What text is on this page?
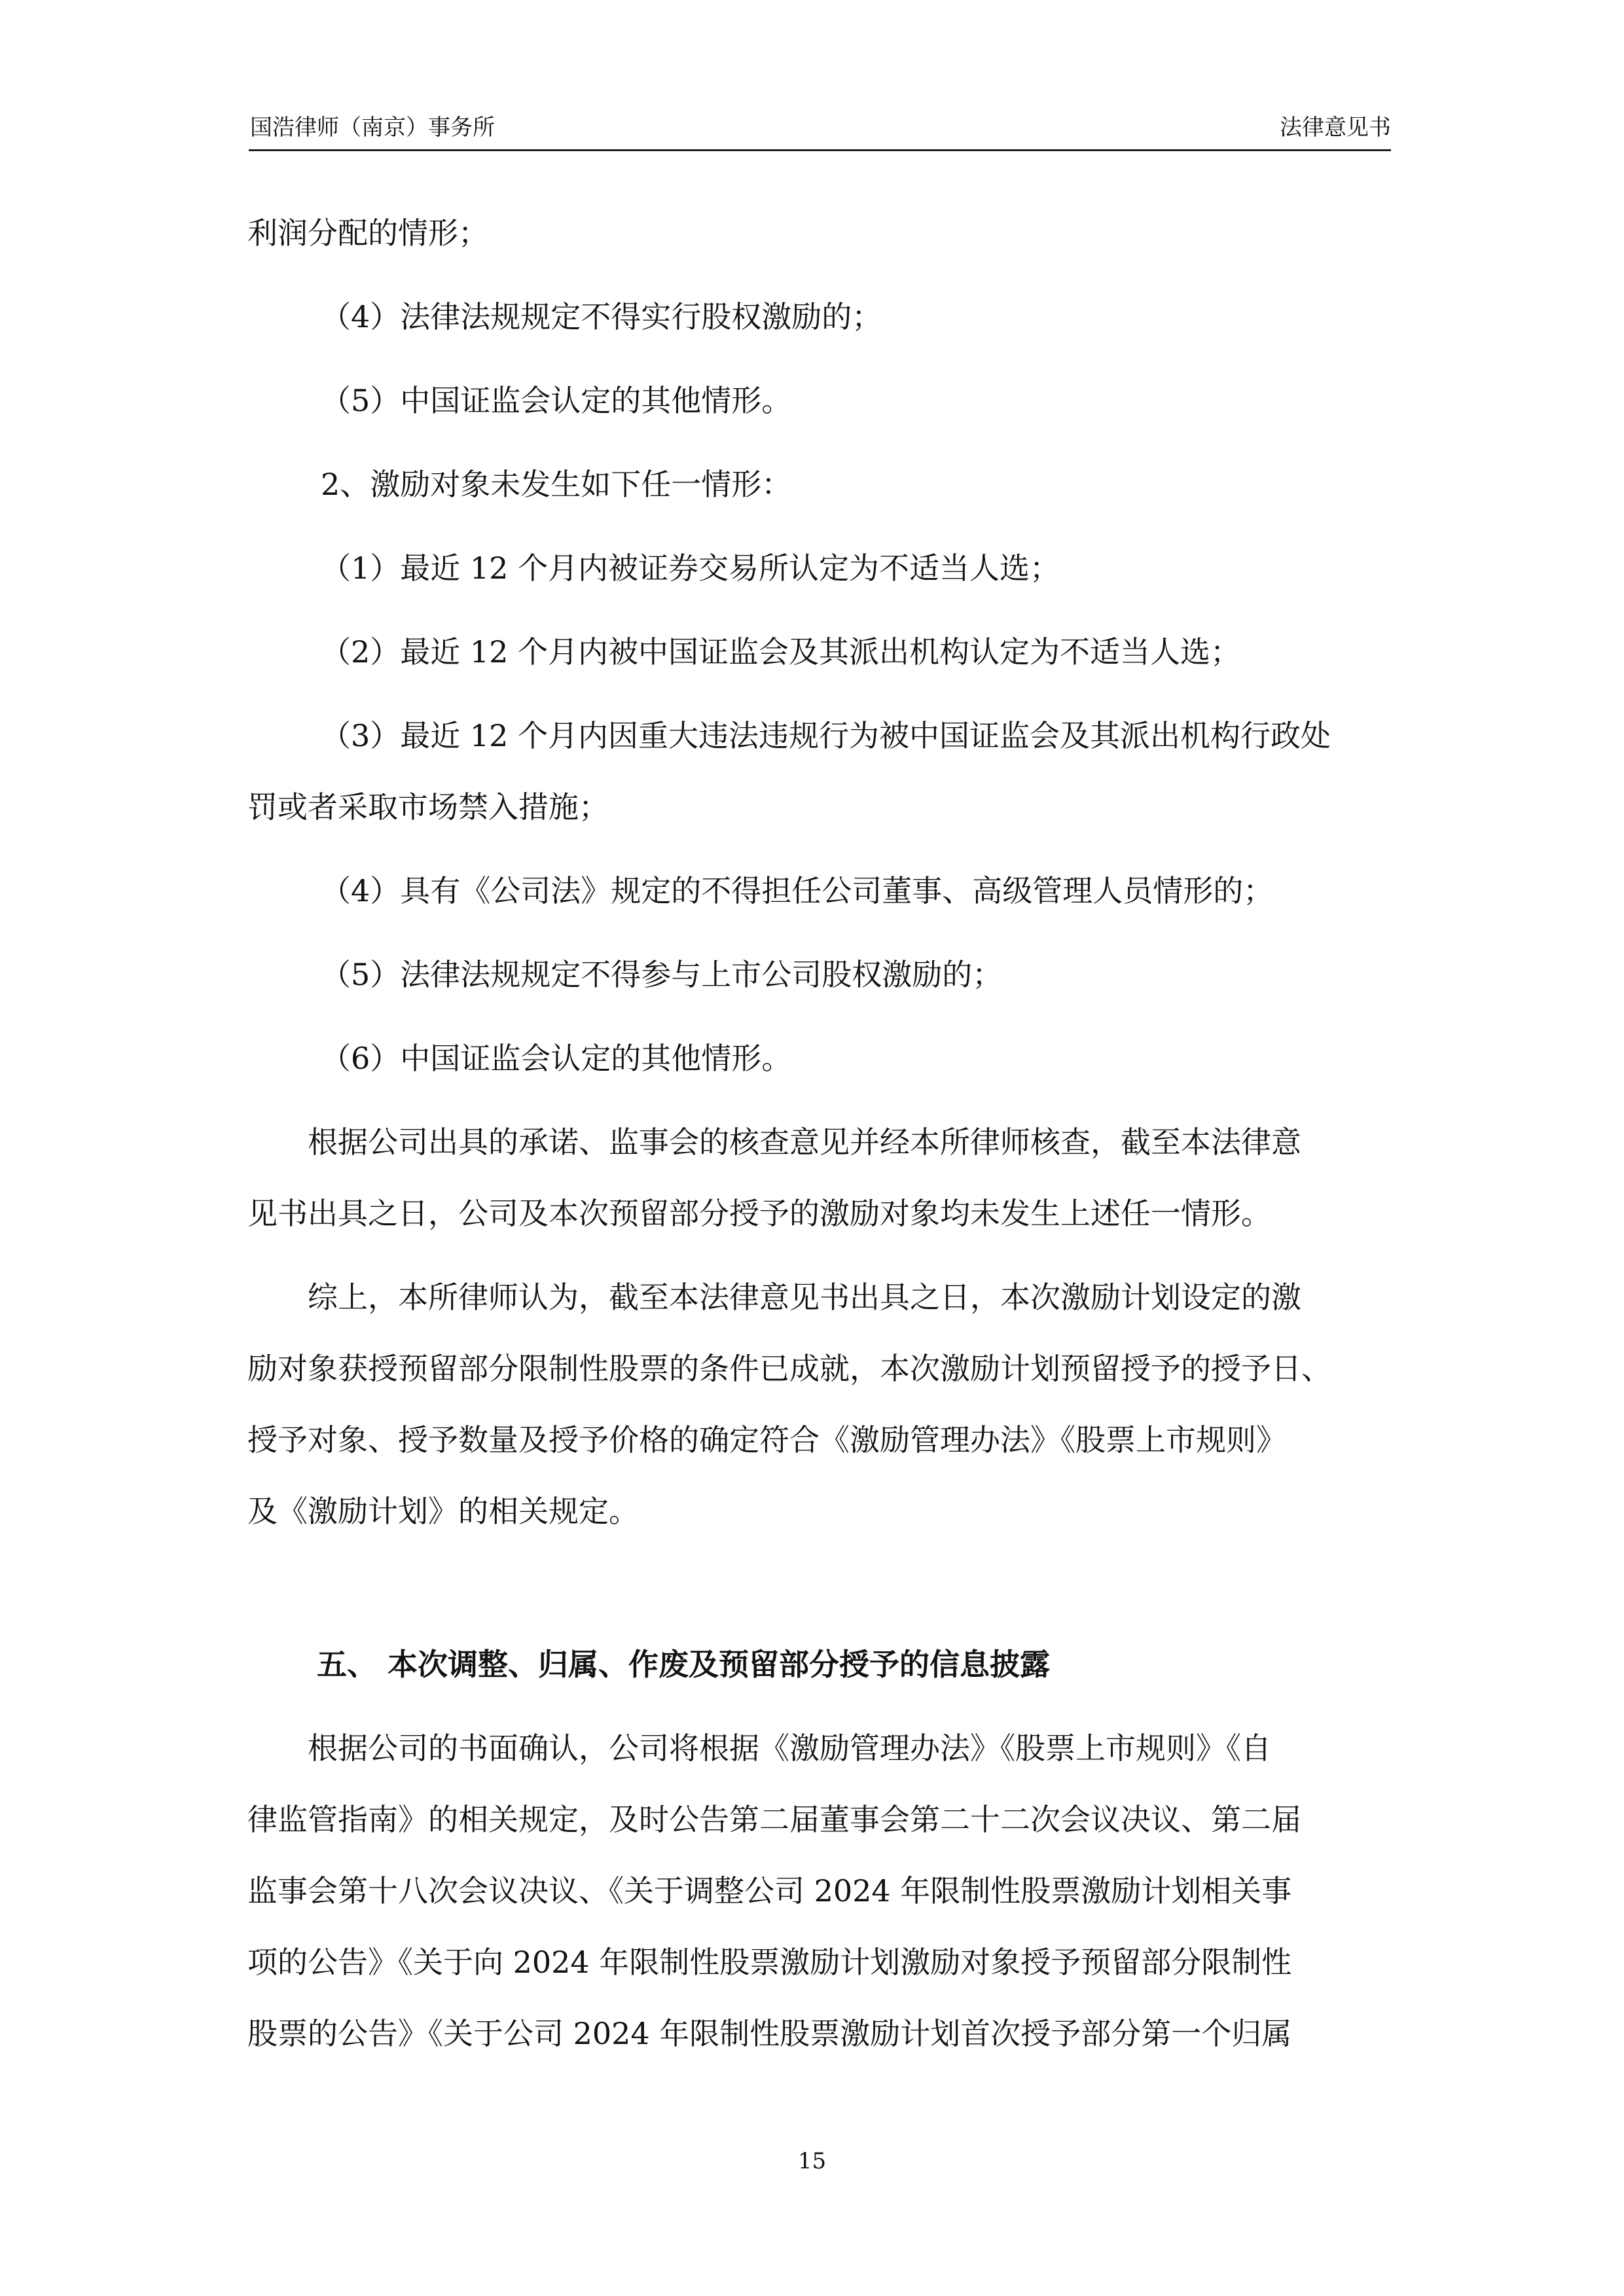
国浩律师（南京）事务所	法律意见书
利润分配的情形；
（4）法律法规规定不得实行股权激励的；
（5）中国证监会认定的其他情形。
2、激励对象未发生如下任一情形：
（1）最近 12 个月内被证券交易所认定为不适当人选；
（2）最近 12 个月内被中国证监会及其派出机构认定为不适当人选；
（3）最近 12 个月内因重大违法违规行为被中国证监会及其派出机构行政处
罚或者采取市场禁入措施；
（4）具有《公司法》规定的不得担任公司董事、高级管理人员情形的；
（5）法律法规规定不得参与上市公司股权激励的；
（6）中国证监会认定的其他情形。
根据公司出具的承诺、监事会的核查意见并经本所律师核查，截至本法律意
见书出具之日，公司及本次预留部分授予的激励对象均未发生上述任一情形。
综上，本所律师认为，截至本法律意见书出具之日，本次激励计划设定的激
励对象获授预留部分限制性股票的条件已成就，本次激励计划预留授予的授予日、
授予对象、授予数量及授予价格的确定符合《激励管理办法》《股票上市规则》
及《激励计划》的相关规定。
五、 本次调整、归属、作废及预留部分授予的信息披露
根据公司的书面确认，公司将根据《激励管理办法》《股票上市规则》《自
律监管指南》的相关规定，及时公告第二届董事会第二十二次会议决议、第二届
监事会第十八次会议决议、《关于调整公司 2024 年限制性股票激励计划相关事
项的公告》《关于向 2024 年限制性股票激励计划激励对象授予预留部分限制性
股票的公告》《关于公司 2024 年限制性股票激励计划首次授予部分第一个归属
15
